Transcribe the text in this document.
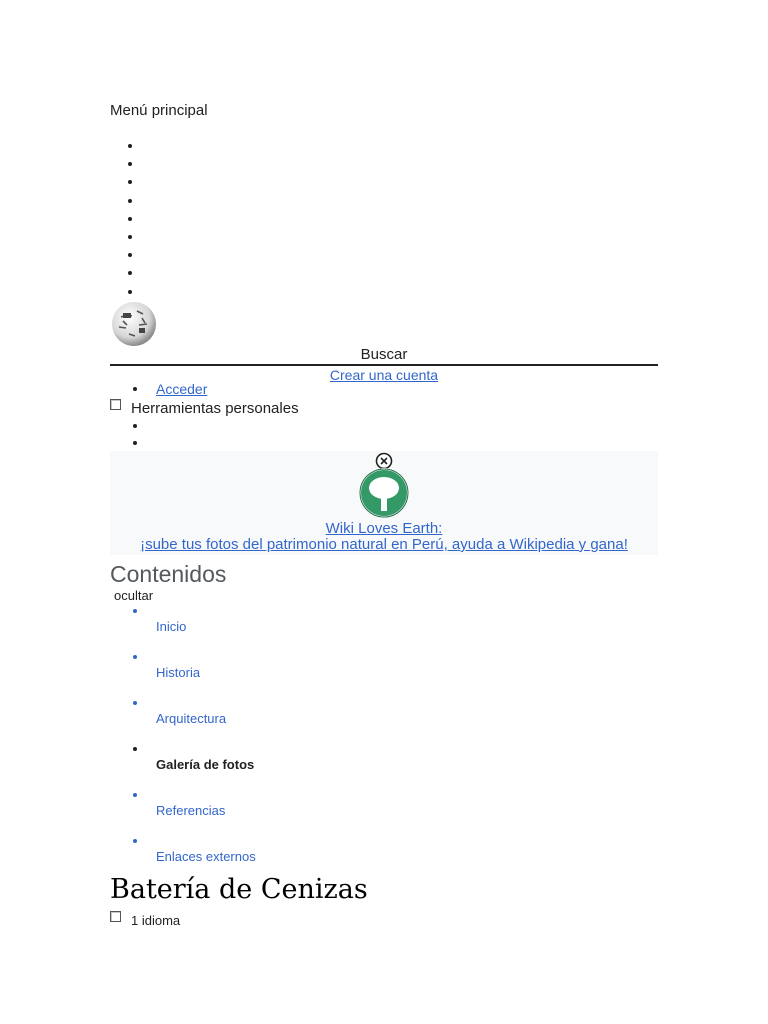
Menú principal
Buscar
Crear una cuenta
Acceder
Herramientas personales
Wiki Loves Earth:
¡sube tus fotos del patrimonio natural en Perú, ayuda a Wikipedia y gana!
Contenidos
ocultar
Inicio
Historia
Arquitectura
Galería de fotos
Referencias
Enlaces externos
Batería de Cenizas
1 idioma
